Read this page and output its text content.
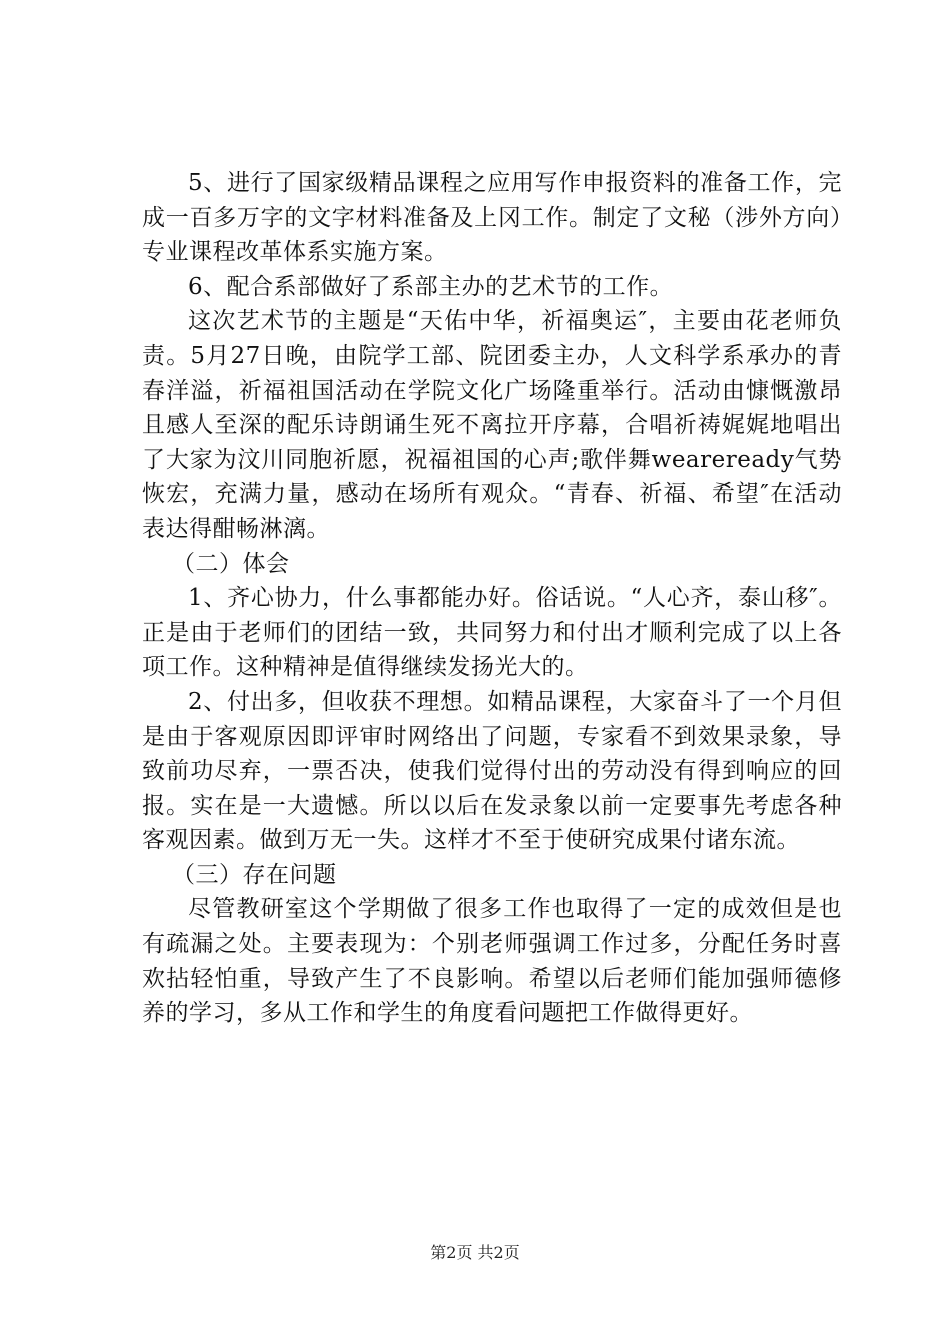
5、进行了国家级精品课程之应用写作申报资料的准备工作，完成一百多万字的文字材料准备及上冈工作。制定了文秘（涉外方向）专业课程改革体系实施方案。

6、配合系部做好了系部主办的艺术节的工作。

这次艺术节的主题是“天佑中华，祈福奥运″，主要由花老师负责。5月27日晚，由院学工部、院团委主办，人文科学系承办的青春洋溢，祈福祖国活动在学院文化广场隆重举行。活动由慷慨激昂且感人至深的配乐诗朗诵生死不离拉开序幕，合唱祈祷娓娓地唱出了大家为汶川同胞祈愿，祝福祖国的心声;歌伴舞weareready气势恢宏，充满力量，感动在场所有观众。“青春、祈福、希望″在活动表达得酣畅淋漓。

（二）体会

1、齐心协力，什么事都能办好。俗话说。“人心齐，泰山移″。正是由于老师们的团结一致，共同努力和付出才顺利完成了以上各项工作。这种精神是值得继续发扬光大的。

2、付出多，但收获不理想。如精品课程，大家奋斗了一个月但是由于客观原因即评审时网络出了问题，专家看不到效果录象，导致前功尽弃，一票否决，使我们觉得付出的劳动没有得到响应的回报。实在是一大遗憾。所以以后在发录象以前一定要事先考虑各种客观因素。做到万无一失。这样才不至于使研究成果付诸东流。

（三）存在问题

尽管教研室这个学期做了很多工作也取得了一定的成效但是也有疏漏之处。主要表现为：个别老师强调工作过多，分配任务时喜欢拈轻怕重，导致产生了不良影响。希望以后老师们能加强师德修养的学习，多从工作和学生的角度看问题把工作做得更好。

第2页 共2页
